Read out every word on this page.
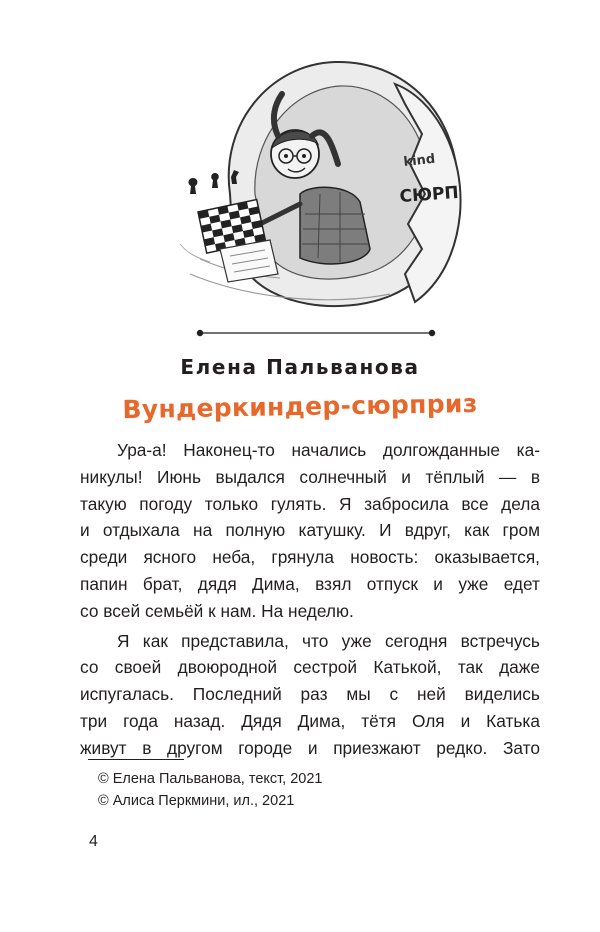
kind
СЮРП
Елена Пальванова
Вундеркиндер-сюрприз
Ура-а! Наконец-то начались долгожданные ка-
никулы! Июнь выдался солнечный и тёплый — в
такую погоду только гулять. Я забросила все дела
и отдыхала на полную катушку. И вдруг, как гром
среди ясного неба, грянула новость: оказывается,
папин брат, дядя Дима, взял отпуск и уже едет
со всей семьёй к нам. На неделю.
Я как представила, что уже сегодня встречусь
со своей двоюродной сестрой Катькой, так даже
испугалась. Последний раз мы с ней виделись
три года назад. Дядя Дима, тётя Оля и Катька
живут в другом городе и приезжают редко. Зато
© Елена Пальванова, текст, 2021
© Алиса Перкмини, ил., 2021
4
